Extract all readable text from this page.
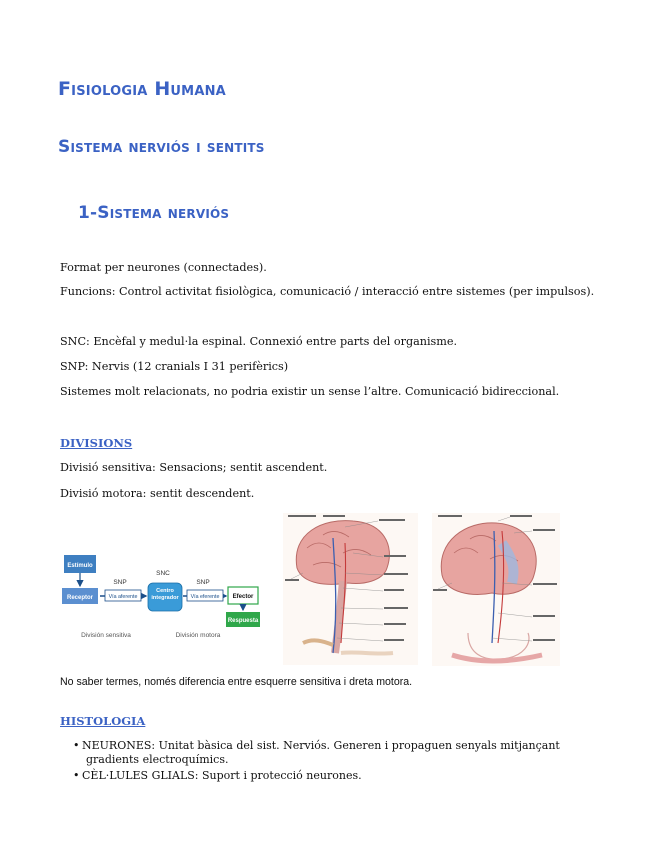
Fisiologia Humana
Sistema nerviós i sentits
1-Sistema nerviós
Format per neurones (connectades).
Funcions: Control activitat fisiològica, comunicació / interacció entre sistemes (per impulsos).
SNC: Encèfal y medul·la espinal. Connexió entre parts del organisme.
SNP: Nervis (12 cranials I 31 perifèrics)
Sistemes molt relacionats, no podria existir un sense l’altre. Comunicació bidireccional.
DIVISIONS
Divisió sensitiva: Sensacions; sentit ascendent.
Divisió motora: sentit descendent.
Estímulo
Receptor
SNP
Vía aferente
SNC
Centro integrador
SNP
Vía eferente Efector
Respuesta
División sensitiva	División motora
No saber termes, només diferencia entre esquerre sensitiva i dreta motora.
HISTOLOGIA
• NEURONES: Unitat bàsica del sist. Nerviós. Generen i propaguen senyals mitjançant
gradients electroquímics.
• CÈL·LULES GLIALS: Suport i protecció neurones.
